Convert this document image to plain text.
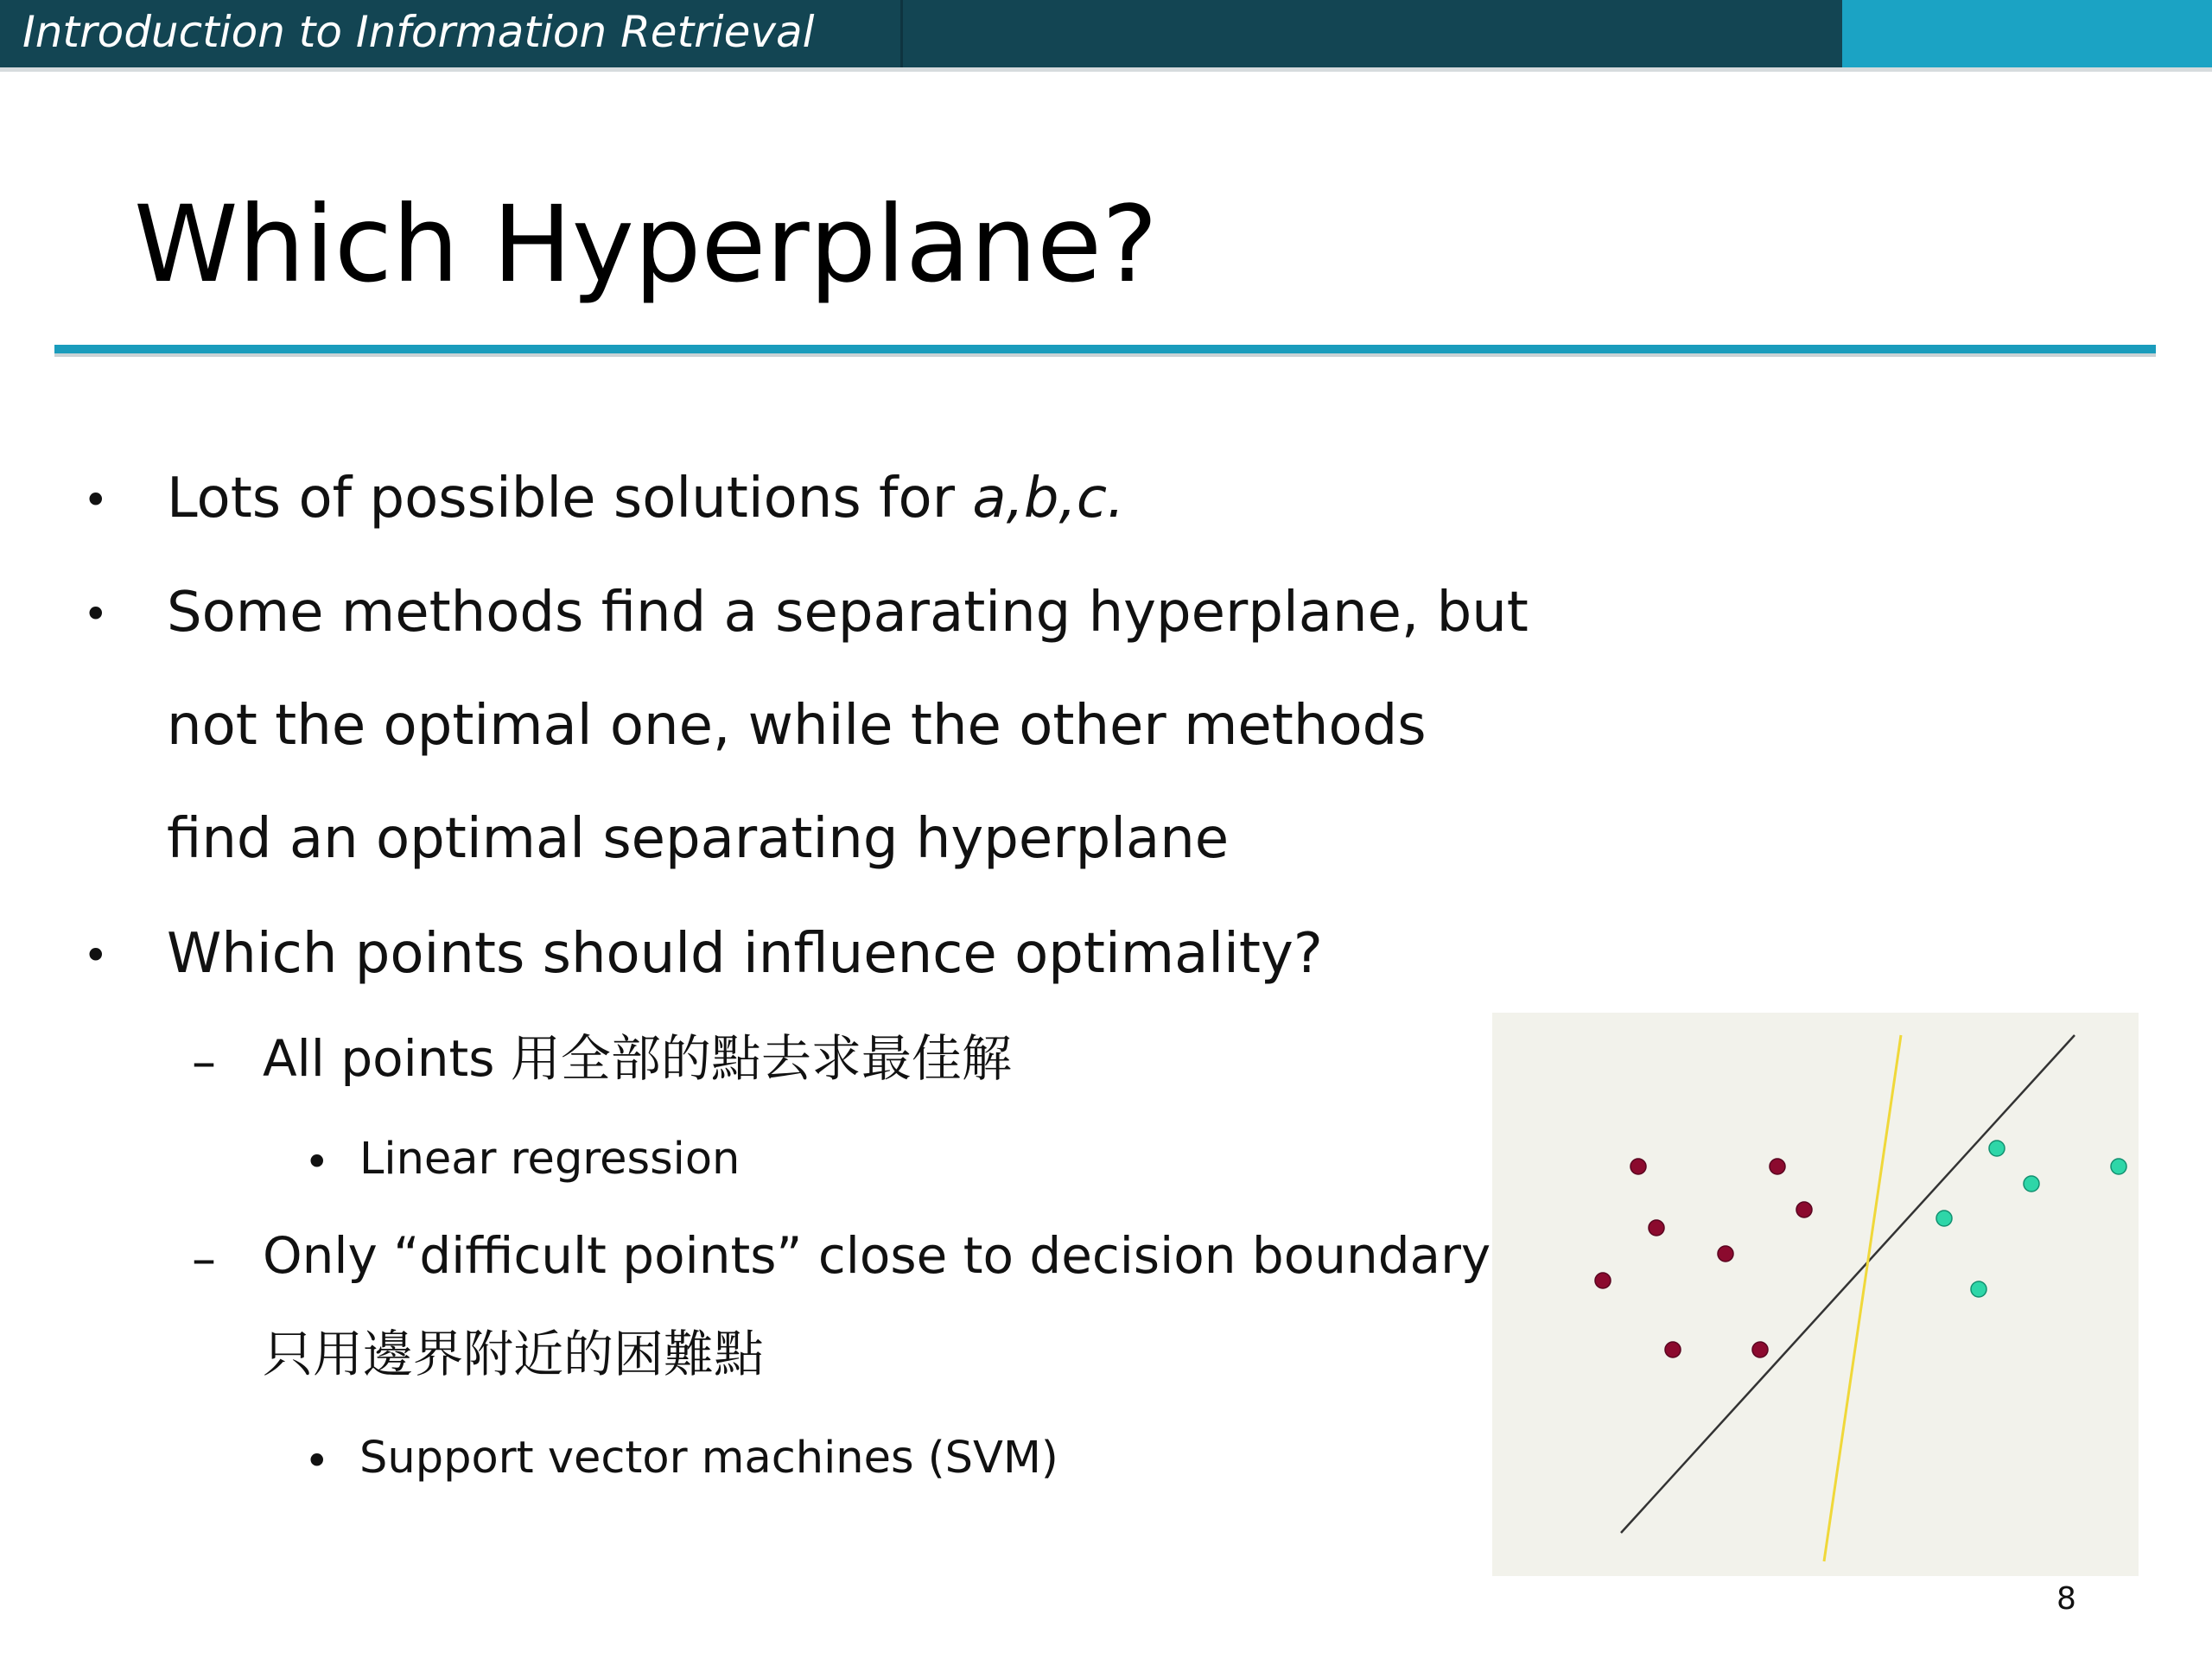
Introduction to Information Retrieval
Which Hyperplane?
• Lots of possible solutions for a,b,c.
• Some methods find a separating hyperplane, but
not the optimal one, while the other methods
find an optimal separating hyperplane
• Which points should influence optimality?
– All points 用全部的點去求最佳解
• Linear regression
– Only “difficult points” close to decision boundary
只用邊界附近的困難點
• Support vector machines (SVM)
8
